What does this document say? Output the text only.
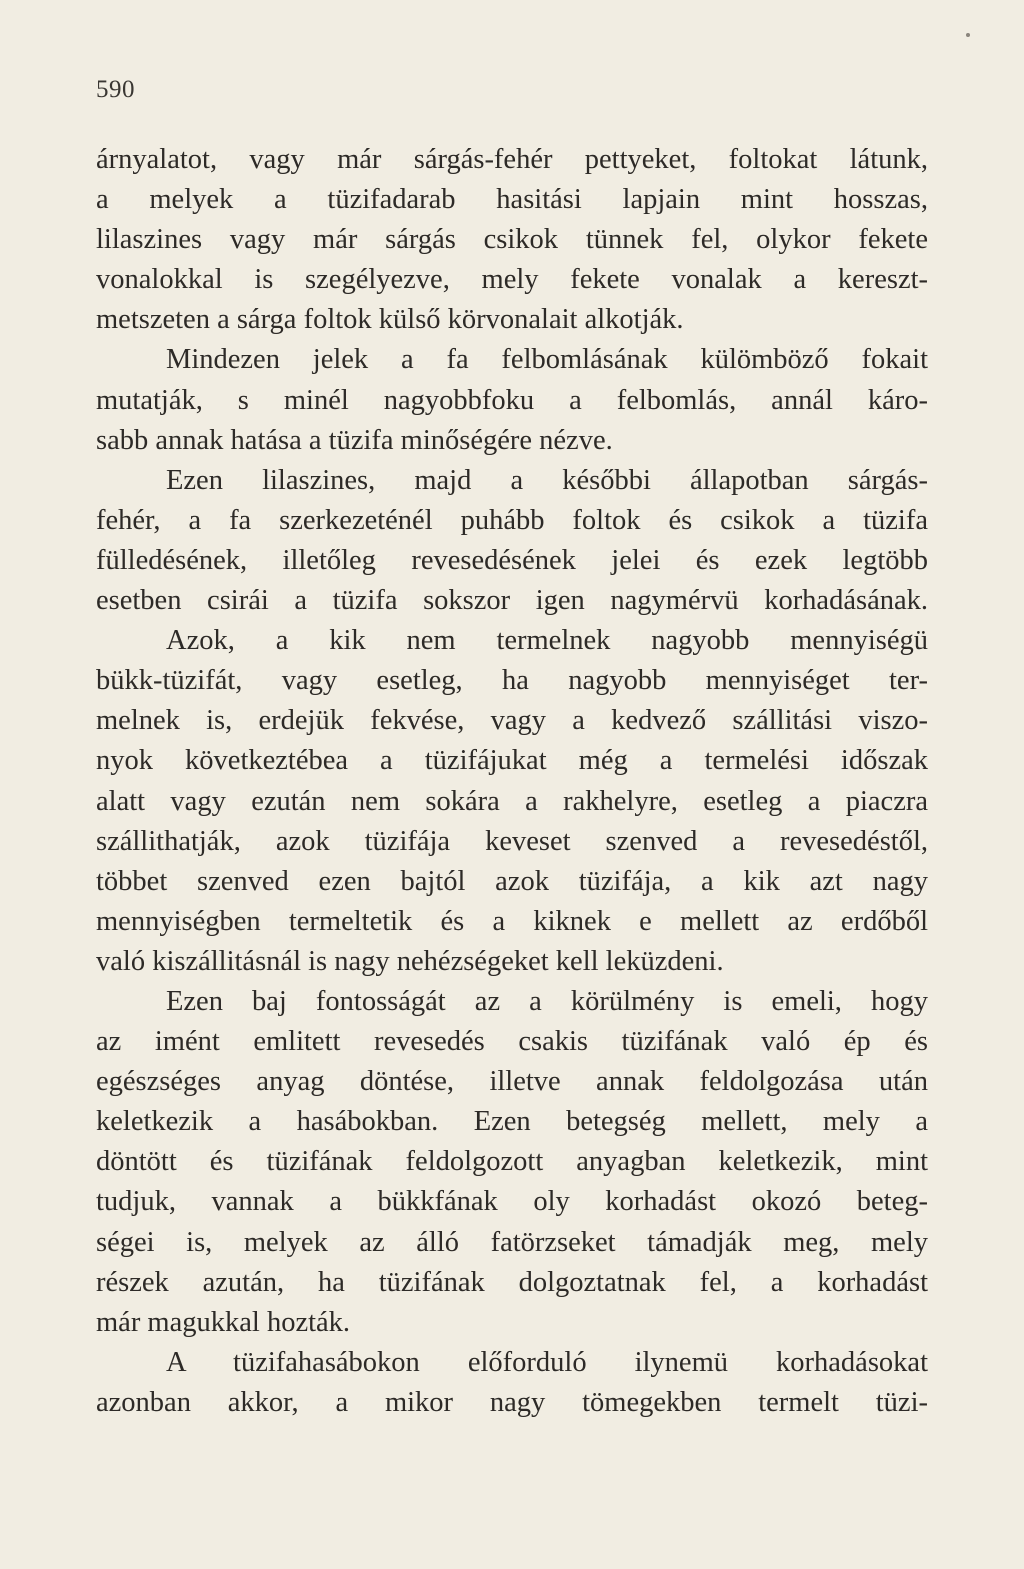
590
árnyalatot, vagy már sárgás-fehér pettyeket, foltokat látunk,
a melyek a tüzifadarab hasitási lapjain mint hosszas,
lilaszines vagy már sárgás csikok tünnek fel, olykor fekete
vonalokkal is szegélyezve, mely fekete vonalak a kereszt-
metszeten a sárga foltok külső körvonalait alkotják.
Mindezen jelek a fa felbomlásának külömböző fokait
mutatják, s minél nagyobbfoku a felbomlás, annál káro-
sabb annak hatása a tüzifa minőségére nézve.
Ezen lilaszines, majd a későbbi állapotban sárgás-
fehér, a fa szerkezeténél puhább foltok és csikok a tüzifa
fülledésének, illetőleg revesedésének jelei és ezek legtöbb
esetben csirái a tüzifa sokszor igen nagymérvü korhadásának.
Azok, a kik nem termelnek nagyobb mennyiségü
bükk-tüzifát, vagy esetleg, ha nagyobb mennyiséget ter-
melnek is, erdejük fekvése, vagy a kedvező szállitási viszo-
nyok következtébea a tüzifájukat még a termelési időszak
alatt vagy ezután nem sokára a rakhelyre, esetleg a piaczra
szállithatják, azok tüzifája keveset szenved a revesedéstől,
többet szenved ezen bajtól azok tüzifája, a kik azt nagy
mennyiségben termeltetik és a kiknek e mellett az erdőből
való kiszállitásnál is nagy nehézségeket kell leküzdeni.
Ezen baj fontosságát az a körülmény is emeli, hogy
az imént emlitett revesedés csakis tüzifának való ép és
egészséges anyag döntése, illetve annak feldolgozása után
keletkezik a hasábokban. Ezen betegség mellett, mely a
döntött és tüzifának feldolgozott anyagban keletkezik, mint
tudjuk, vannak a bükkfának oly korhadást okozó beteg-
ségei is, melyek az álló fatörzseket támadják meg, mely
részek azután, ha tüzifának dolgoztatnak fel, a korhadást
már magukkal hozták.
A tüzifahasábokon előforduló ilynemü korhadásokat
azonban akkor, a mikor nagy tömegekben termelt tüzi-
